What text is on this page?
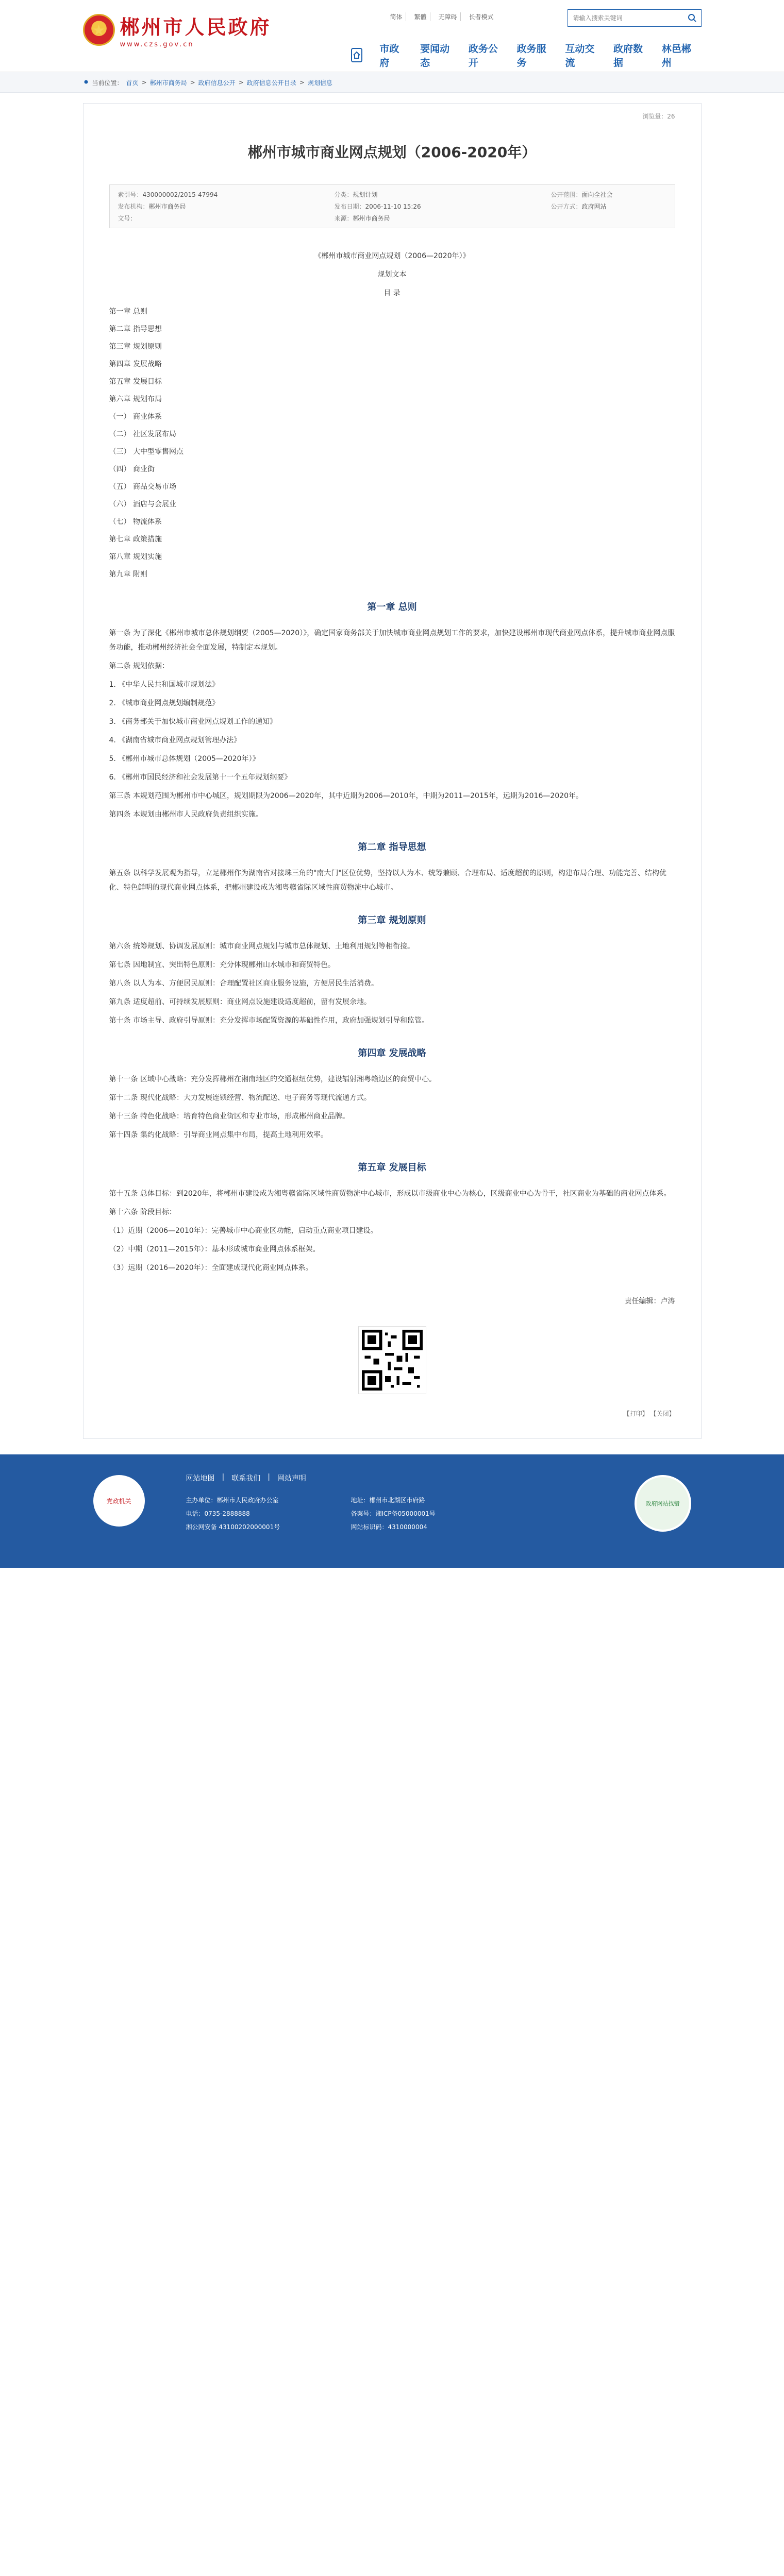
★ 郴州市人民政府
www.czs.gov.cn
简体	繁體	无障碍	长者模式
请输入搜索关键词
市政府
要闻动态
政务公开
政务服务
互动交流
政府数据
林邑郴州
当前位置： 首页 > 郴州市商务局 > 政府信息公开 > 政府信息公开目录 > 规划信息
浏览量：26
郴州市城市商业网点规划（2006-2020年）
索引号：430000002/2015-47994	分类：规划计划	公开范围：面向全社会
发布机构：郴州市商务局	发布日期：2006-11-10 15:26	公开方式：政府网站
文号：	来源：郴州市商务局

《郴州市城市商业网点规划（2006—2020年）》

规划文本

目 录

第一章 总则

第二章 指导思想

第三章 规划原则

第四章 发展战略

第五章 发展目标

第六章 规划布局

（一） 商业体系

（二） 社区发展布局

（三） 大中型零售网点

（四） 商业街

（五） 商品交易市场

（六） 酒店与会展业

（七） 物流体系

第七章 政策措施

第八章 规划实施

第九章 附则

第一章 总则

第一条 为了深化《郴州市城市总体规划纲要（2005—2020）》，确定国家商务部关于加快城市商业网点规划工作的要求，加快建设郴州市现代商业网点体系，提升城市商业网点服务功能，推动郴州经济社会全面发展，特制定本规划。

第二条 规划依据：

1. 《中华人民共和国城市规划法》

2. 《城市商业网点规划编制规范》

3. 《商务部关于加快城市商业网点规划工作的通知》

4. 《湖南省城市商业网点规划管理办法》

5. 《郴州市城市总体规划（2005—2020年）》

6. 《郴州市国民经济和社会发展第十一个五年规划纲要》

第三条 本规划范围为郴州市中心城区，规划期限为2006—2020年，其中近期为2006—2010年，中期为2011—2015年，远期为2016—2020年。

第四条 本规划由郴州市人民政府负责组织实施。

第二章 指导思想

第五条 以科学发展观为指导，立足郴州作为湖南省对接珠三角的"南大门"区位优势，坚持以人为本、统筹兼顾、合理布局、适度超前的原则，构建布局合理、功能完善、结构优化、特色鲜明的现代商业网点体系，把郴州建设成为湘粤赣省际区域性商贸物流中心城市。

第三章 规划原则

第六条 统筹规划、协调发展原则：城市商业网点规划与城市总体规划、土地利用规划等相衔接。

第七条 因地制宜、突出特色原则：充分体现郴州山水城市和商贸特色。

第八条 以人为本、方便居民原则：合理配置社区商业服务设施，方便居民生活消费。

第九条 适度超前、可持续发展原则：商业网点设施建设适度超前，留有发展余地。

第十条 市场主导、政府引导原则：充分发挥市场配置资源的基础性作用，政府加强规划引导和监管。

第四章 发展战略

第十一条 区域中心战略：充分发挥郴州在湘南地区的交通枢纽优势，建设辐射湘粤赣边区的商贸中心。

第十二条 现代化战略：大力发展连锁经营、物流配送、电子商务等现代流通方式。

第十三条 特色化战略：培育特色商业街区和专业市场，形成郴州商业品牌。

第十四条 集约化战略：引导商业网点集中布局，提高土地利用效率。

第五章 发展目标

第十五条 总体目标：到2020年，将郴州市建设成为湘粤赣省际区域性商贸物流中心城市，形成以市级商业中心为核心，区级商业中心为骨干，社区商业为基础的商业网点体系。

第十六条 阶段目标：

（1）近期（2006—2010年）：完善城市中心商业区功能，启动重点商业项目建设。

（2）中期（2011—2015年）：基本形成城市商业网点体系框架。

（3）远期（2016—2020年）：全面建成现代化商业网点体系。

责任编辑：卢涛
【打印】 【关闭】
党政机关
网站地图 | 联系我们 | 网站声明
主办单位：郴州市人民政府办公室	地址：郴州市北湖区市府路
电话：0735-2888888	备案号：湘ICP备05000001号
湘公网安备 43100202000001号	网站标识码：4310000004
政府网站找错
